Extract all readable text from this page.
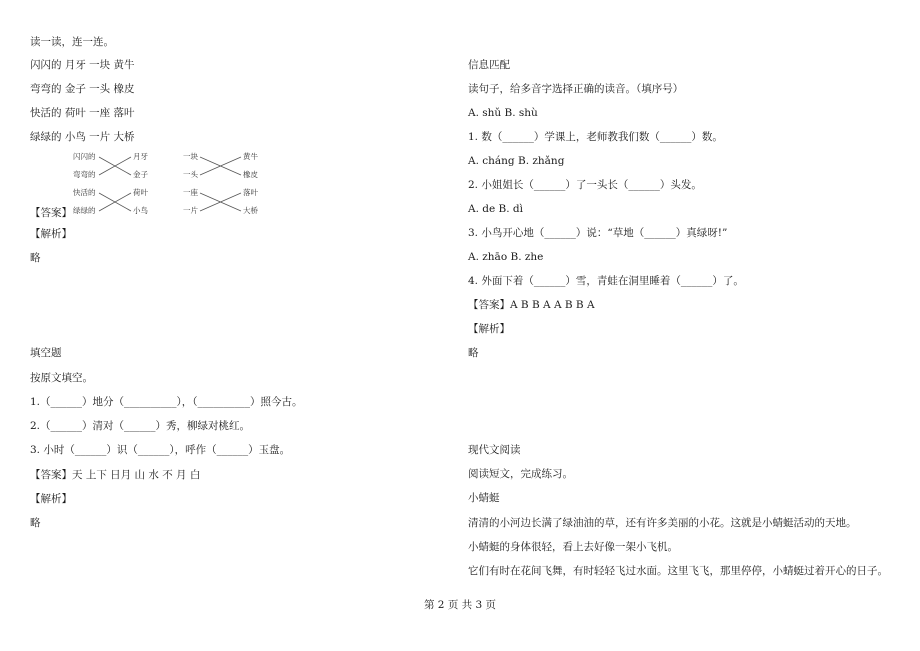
读一读，连一连。
闪闪的 月牙 一块 黄牛
弯弯的 金子 一头 橡皮
快活的 荷叶 一座 落叶
绿绿的 小鸟 一片 大桥
闪闪的
弯弯的
快活的
绿绿的
月牙
金子
荷叶
小鸟
一块
一头
一座
一片
黄牛
橡皮
落叶
大桥
【答案】
【解析】
略
填空题
按原文填空。
1.（______）地分（__________），（__________）照今古。
2.（______）清对（______）秀，柳绿对桃红。
3. 小时（______）识（______），呼作（______）玉盘。
【答案】天 上下 日月 山 水 不 月 白
【解析】
略
信息匹配
读句子，给多音字选择正确的读音。（填序号）
A. shǔ B. shù
1. 数（______）学课上，老师教我们数（______）数。
A. cháng B. zhǎng
2. 小姐姐长（______）了一头长（______）头发。
A. de B. dì
3. 小鸟开心地（______）说：“草地（______）真绿呀!”
A. zhāo B. zhe
4. 外面下着（______）雪，青蛙在洞里睡着（______）了。
【答案】A B B A A B B A
【解析】
略
现代文阅读
阅读短文，完成练习。
小蜻蜓
清清的小河边长满了绿油油的草，还有许多美丽的小花。这就是小蜻蜓活动的天地。
小蜻蜓的身体很轻，看上去好像一架小飞机。
它们有时在花间飞舞，有时轻轻飞过水面。这里飞飞，那里停停，小蜻蜓过着开心的日子。
第 2 页 共 3 页
